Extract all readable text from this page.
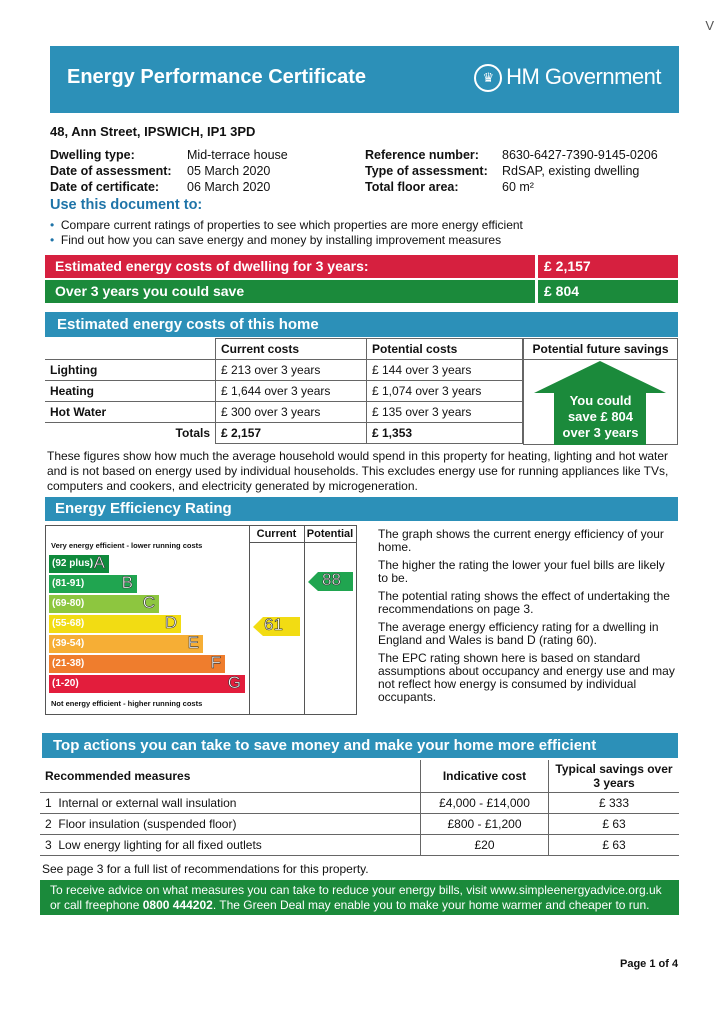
V
Energy Performance Certificate	♛ HM Government
48, Ann Street, IPSWICH, IP1 3PD
Dwelling type:	Mid-terrace house
Date of assessment:	05 March 2020
Date of certificate:	06 March 2020
Reference number:	8630-6427-7390-9145-0206
Type of assessment:	RdSAP, existing dwelling
Total floor area:	60 m²
Use this document to:
• Compare current ratings of properties to see which properties are more energy efficient
• Find out how you can save energy and money by installing improvement measures
Estimated energy costs of dwelling for 3 years:	£ 2,157
Over 3 years you could save	£ 804
Estimated energy costs of this home
	Current costs	Potential costs
Lighting	£ 213 over 3 years	£ 144 over 3 years
Heating	£ 1,644 over 3 years	£ 1,074 over 3 years
Hot Water	£ 300 over 3 years	£ 135 over 3 years
Totals	£ 2,157	£ 1,353
Potential future savings
You could
save £ 804
over 3 years
These figures show how much the average household would spend in this property for heating, lighting and hot water and is not based on energy used by individual households. This excludes energy use for running appliances like TVs, computers and cookers, and electricity generated by microgeneration.
Energy Efficiency Rating
Current Potential
Very energy efficient - lower running costs
(92 plus) A
(81-91) B
(69-80)	C
(55-68)	D
(39-54)	E
(21-38)	F
(1-20)	G
Not energy efficient - higher running costs
61
88
The graph shows the current energy efficiency of your home.
The higher the rating the lower your fuel bills are likely to be.
The potential rating shows the effect of undertaking the recommendations on page 3.
The average energy efficiency rating for a dwelling in England and Wales is band D (rating 60).
The EPC rating shown here is based on standard assumptions about occupancy and energy use and may not reflect how energy is consumed by individual occupants.
Top actions you can take to save money and make your home more efficient
Recommended measures	Indicative cost	Typical savings over 3 years
1 Internal or external wall insulation	£4,000 - £14,000	£ 333
2 Floor insulation (suspended floor)	£800 - £1,200	£ 63
3 Low energy lighting for all fixed outlets	£20	£ 63
See page 3 for a full list of recommendations for this property.
To receive advice on what measures you can take to reduce your energy bills, visit www.simpleenergyadvice.org.uk or call freephone 0800 444202. The Green Deal may enable you to make your home warmer and cheaper to run.
Page 1 of 4
